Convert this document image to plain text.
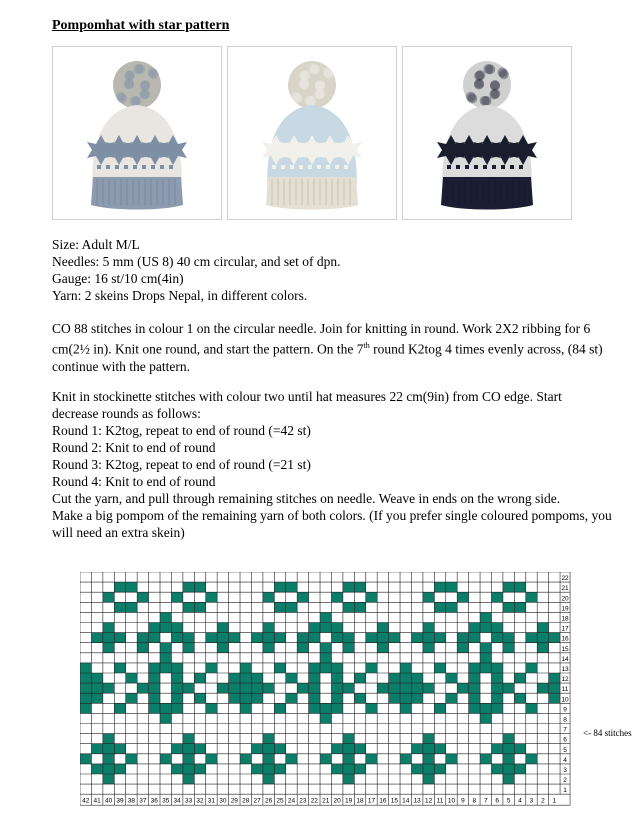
Pompomhat with star pattern
Size: Adult M/L
Needles: 5 mm (US 8) 40 cm circular, and set of dpn.
Gauge: 16 st/10 cm(4in)
Yarn: 2 skeins Drops Nepal, in different colors.
CO 88 stitches in colour 1 on the circular needle. Join for knitting in round. Work 2X2 ribbing for 6 cm(2½ in). Knit one round, and start the pattern. On the 7th round K2tog 4 times evenly across, (84 st) continue with the pattern.
Knit in stockinette stitches with colour two until hat measures 22 cm(9in) from CO edge. Start
decrease rounds as follows:
Round 1: K2tog, repeat to end of round (=42 st)
Round 2: Knit to end of round
Round 3: K2tog, repeat to end of round (=21 st)
Round 4: Knit to end of round
Cut the yarn, and pull through remaining stitches on needle. Weave in ends on the wrong side.
Make a big pompom of the remaining yarn of both colors. (If you prefer single coloured pompoms, you will need an extra skein)
22
21
20
19
18
17
16
15
14
13
12
11
10
9
8
7
6
5
4
3
2
1
42 41 40 39 38 37 36 35 34 33 32 31 30 29 28 27 26 25 24 23 22 21 20 19 18 17 16 15 14 13 12 11 10 9 8 7 6 5 4 3 2 1
<- 84 stitches
